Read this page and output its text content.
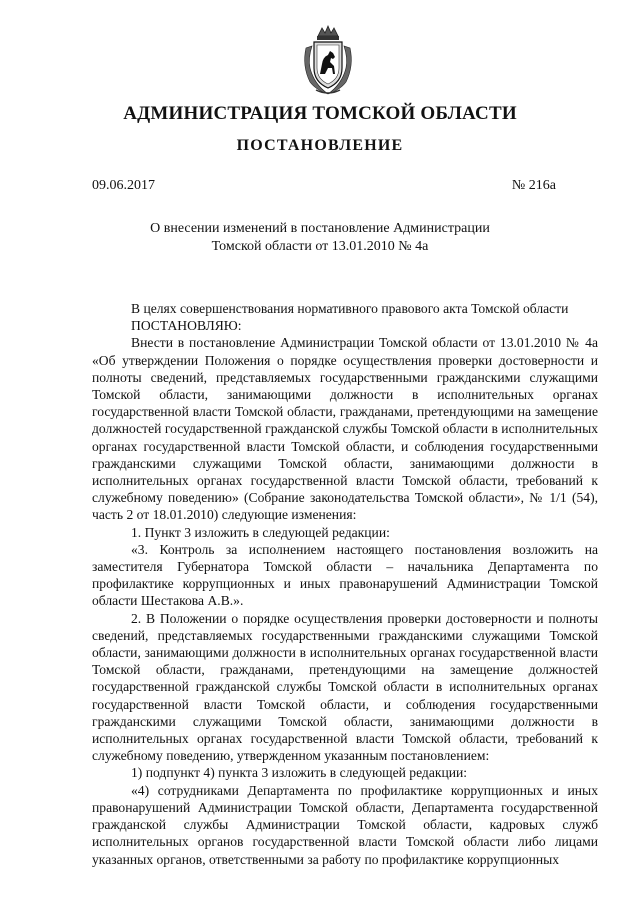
АДМИНИСТРАЦИЯ ТОМСКОЙ ОБЛАСТИ
ПОСТАНОВЛЕНИЕ
09.06.2017	№ 216а
О внесении изменений в постановление Администрации
Томской области от 13.01.2010 № 4а

В целях совершенствования нормативного правового акта Томской области

ПОСТАНОВЛЯЮ:

Внести в постановление Администрации Томской области от 13.01.2010 № 4а «Об утверждении Положения о порядке осуществления проверки достоверности и полноты сведений, представляемых государственными гражданскими служащими Томской области, занимающими должности в исполнительных органах государственной власти Томской области, гражданами, претендующими на замещение должностей государственной гражданской службы Томской области в исполнительных органах государственной власти Томской области, и соблюдения государственными гражданскими служащими Томской области, занимающими должности в исполнительных органах государственной власти Томской области, требований к служебному поведению» (Собрание законодательства Томской области», № 1/1 (54), часть 2 от 18.01.2010) следующие изменения:

1. Пункт 3 изложить в следующей редакции:

«3. Контроль за исполнением настоящего постановления возложить на заместителя Губернатора Томской области – начальника Департамента по профилактике коррупционных и иных правонарушений Администрации Томской области Шестакова А.В.».

2. В Положении о порядке осуществления проверки достоверности и полноты сведений, представляемых государственными гражданскими служащими Томской области, занимающими должности в исполнительных органах государственной власти Томской области, гражданами, претендующими на замещение должностей государственной гражданской службы Томской области в исполнительных органах государственной власти Томской области, и соблюдения государственными гражданскими служащими Томской области, занимающими должности в исполнительных органах государственной власти Томской области, требований к служебному поведению, утвержденном указанным постановлением:

1) подпункт 4) пункта 3 изложить в следующей редакции:

«4) сотрудниками Департамента по профилактике коррупционных и иных правонарушений Администрации Томской области, Департамента государственной гражданской службы Администрации Томской области, кадровых служб исполнительных органов государственной власти Томской области либо лицами указанных органов, ответственными за работу по профилактике коррупционных
